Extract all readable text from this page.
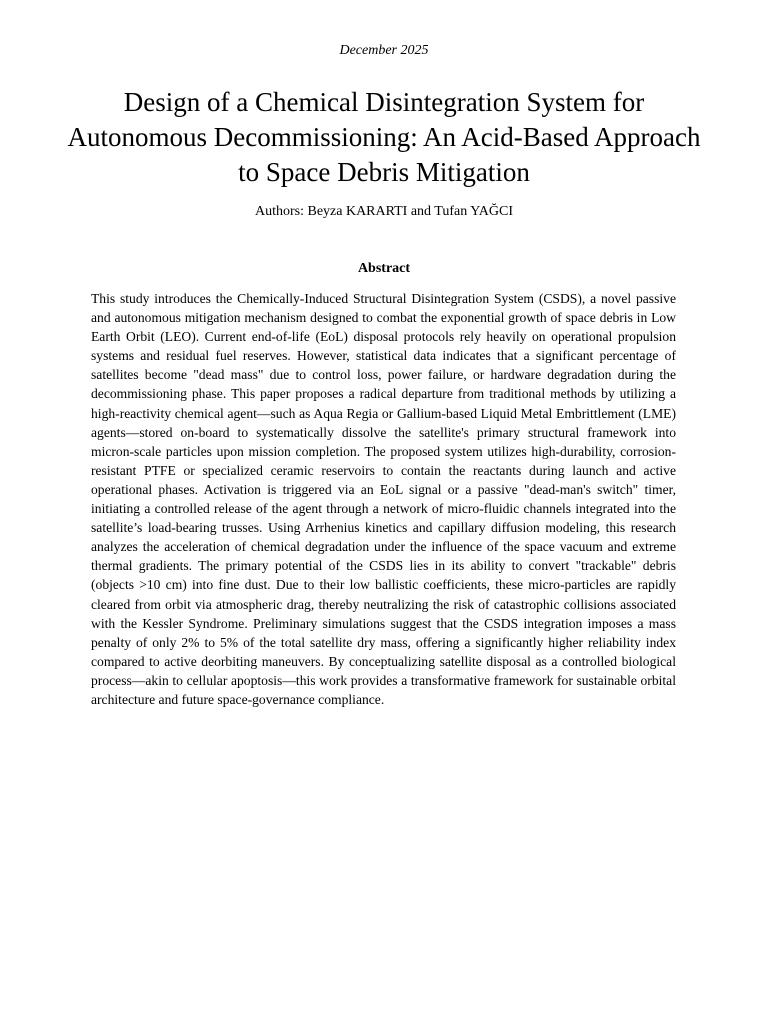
December 2025
Design of a Chemical Disintegration System for Autonomous Decommissioning: An Acid-Based Approach to Space Debris Mitigation
Authors: Beyza KARARTI and Tufan YAĞCI
Abstract

This study introduces the Chemically-Induced Structural Disintegration System (CSDS), a novel passive and autonomous mitigation mechanism designed to combat the exponential growth of space debris in Low Earth Orbit (LEO). Current end-of-life (EoL) disposal protocols rely heavily on operational propulsion systems and residual fuel reserves. However, statistical data indicates that a significant percentage of satellites become "dead mass" due to control loss, power failure, or hardware degradation during the decommissioning phase. This paper proposes a radical departure from traditional methods by utilizing a high-reactivity chemical agent—such as Aqua Regia or Gallium-based Liquid Metal Embrittlement (LME) agents—stored on-board to systematically dissolve the satellite's primary structural framework into micron-scale particles upon mission completion. The proposed system utilizes high-durability, corrosion-resistant PTFE or specialized ceramic reservoirs to contain the reactants during launch and active operational phases. Activation is triggered via an EoL signal or a passive "dead-man's switch" timer, initiating a controlled release of the agent through a network of micro-fluidic channels integrated into the satellite’s load-bearing trusses. Using Arrhenius kinetics and capillary diffusion modeling, this research analyzes the acceleration of chemical degradation under the influence of the space vacuum and extreme thermal gradients. The primary potential of the CSDS lies in its ability to convert "trackable" debris (objects >10 cm) into fine dust. Due to their low ballistic coefficients, these micro-particles are rapidly cleared from orbit via atmospheric drag, thereby neutralizing the risk of catastrophic collisions associated with the Kessler Syndrome. Preliminary simulations suggest that the CSDS integration imposes a mass penalty of only 2% to 5% of the total satellite dry mass, offering a significantly higher reliability index compared to active deorbiting maneuvers. By conceptualizing satellite disposal as a controlled biological process—akin to cellular apoptosis—this work provides a transformative framework for sustainable orbital architecture and future space-governance compliance.
